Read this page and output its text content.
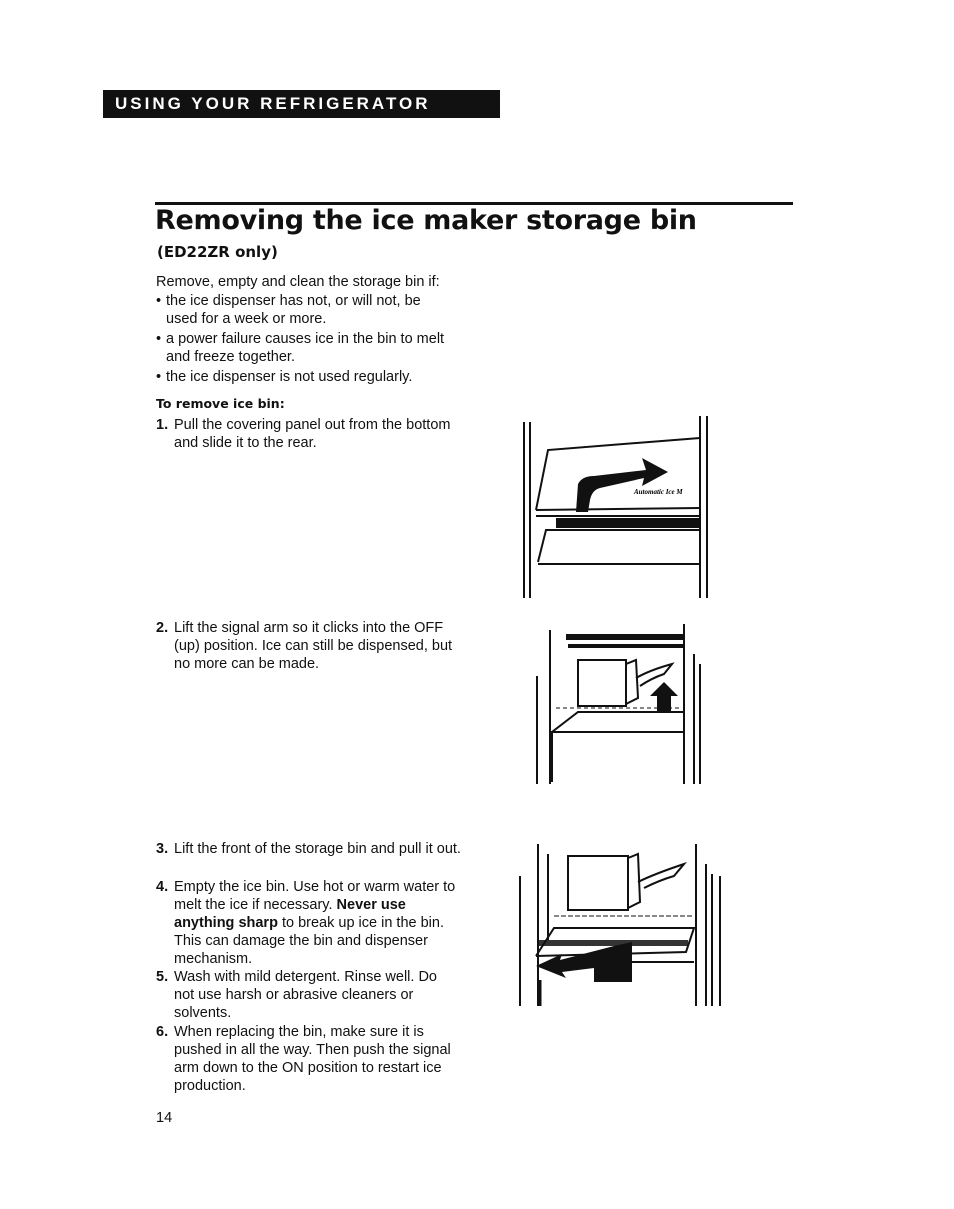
USING YOUR REFRIGERATOR
Removing the ice maker storage bin
(ED22ZR only)
Remove, empty and clean the storage bin if:
• the ice dispenser has not, or will not, be used for a week or more.
• a power failure causes ice in the bin to melt and freeze together.
• the ice dispenser is not used regularly.
To remove ice bin:
1. Pull the covering panel out from the bottom and slide it to the rear.
2. Lift the signal arm so it clicks into the OFF (up) position. Ice can still be dispensed, but no more can be made.
3. Lift the front of the storage bin and pull it out.
4. Empty the ice bin. Use hot or warm water to melt the ice if necessary. Never use anything sharp to break up ice in the bin. This can damage the bin and dispenser mechanism.
5. Wash with mild detergent. Rinse well. Do not use harsh or abrasive cleaners or solvents.
6. When replacing the bin, make sure it is pushed in all the way. Then push the signal arm down to the ON position to restart ice production.
Automatic Ice M
14
